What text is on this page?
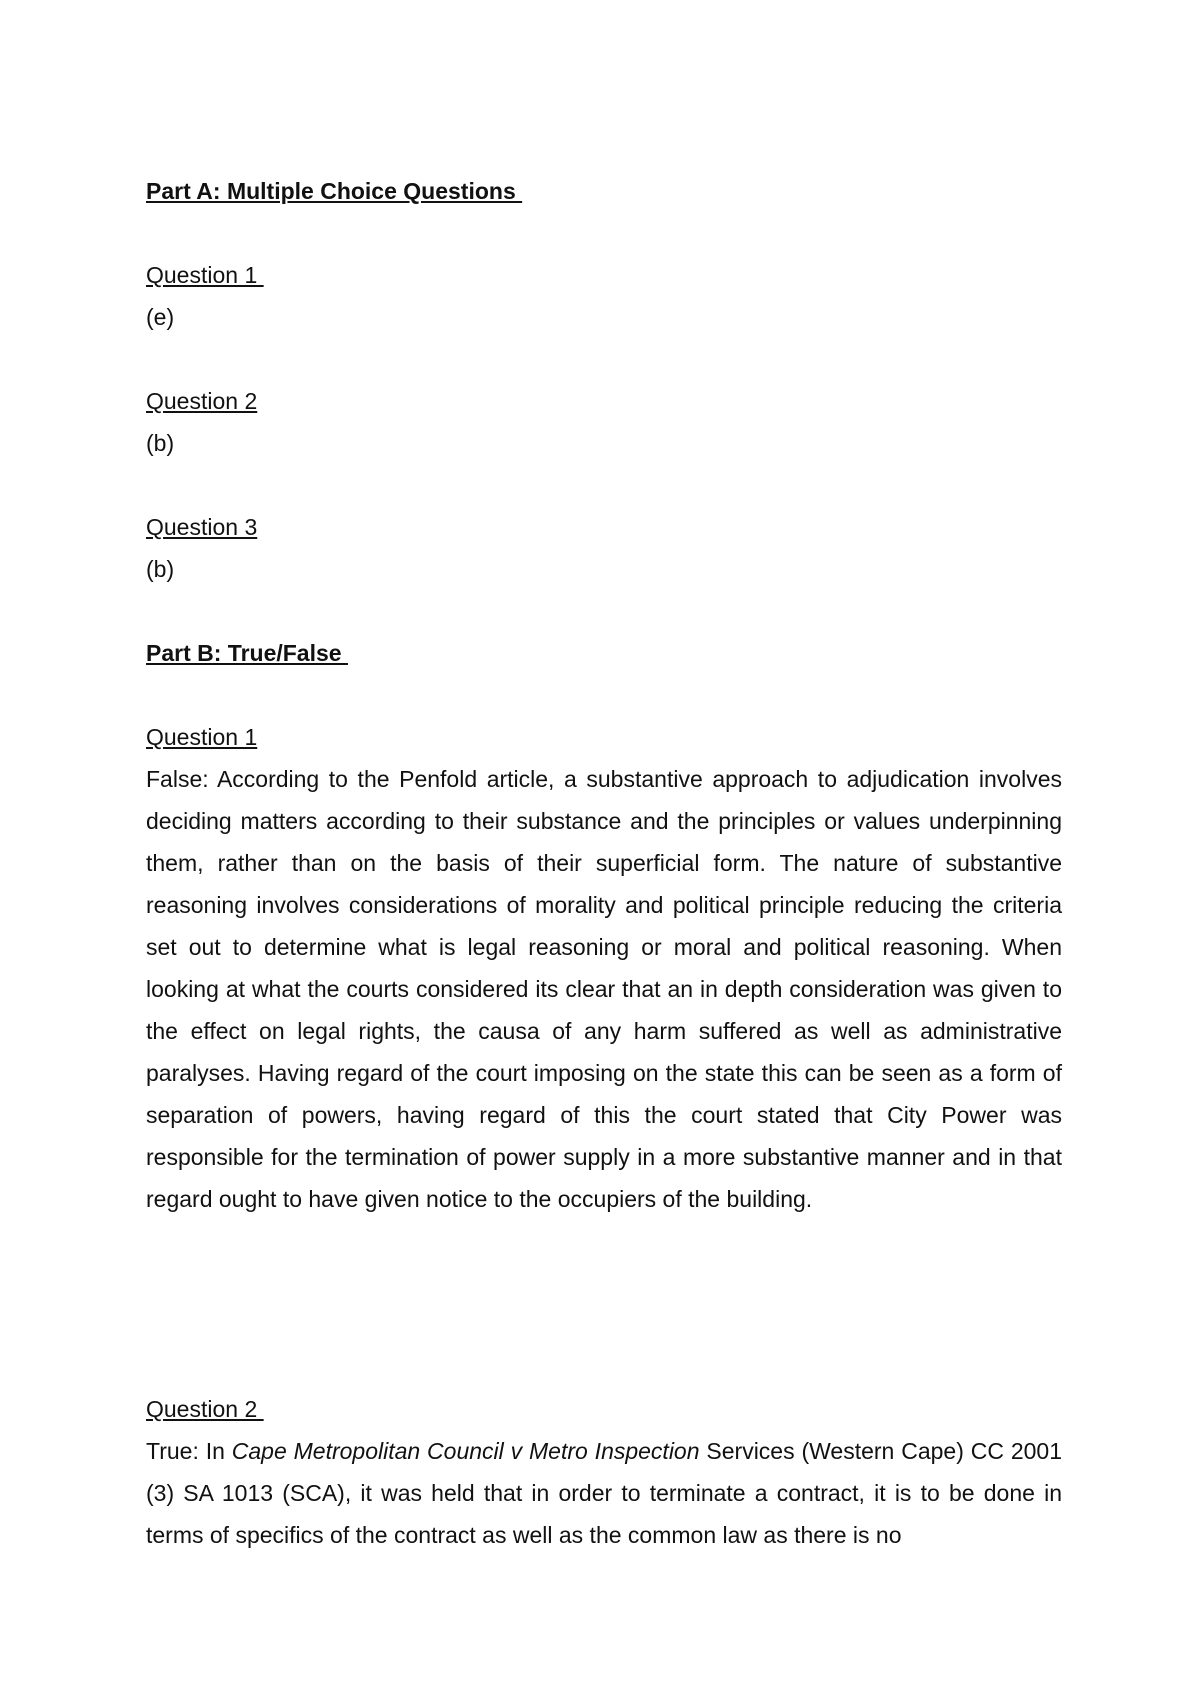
Part A: Multiple Choice Questions
Question 1
(e)
Question 2
(b)
Question 3
(b)
Part B: True/False
Question 1

False: According to the Penfold article, a substantive approach to adjudication involves deciding matters according to their substance and the principles or values underpinning them, rather than on the basis of their superficial form. The nature of substantive reasoning involves considerations of morality and political principle reducing the criteria set out to determine what is legal reasoning or moral and political reasoning. When looking at what the courts considered its clear that an in depth consideration was given to the effect on legal rights, the causa of any harm suffered as well as administrative paralyses. Having regard of the court imposing on the state this can be seen as a form of separation of powers, having regard of this the court stated that City Power was responsible for the termination of power supply in a more substantive manner and in that regard ought to have given notice to the occupiers of the building.

Question 2

True: In Cape Metropolitan Council v Metro Inspection Services (Western Cape) CC 2001 (3) SA 1013 (SCA), it was held that in order to terminate a contract, it is to be done in terms of specifics of the contract as well as the common law as there is no
